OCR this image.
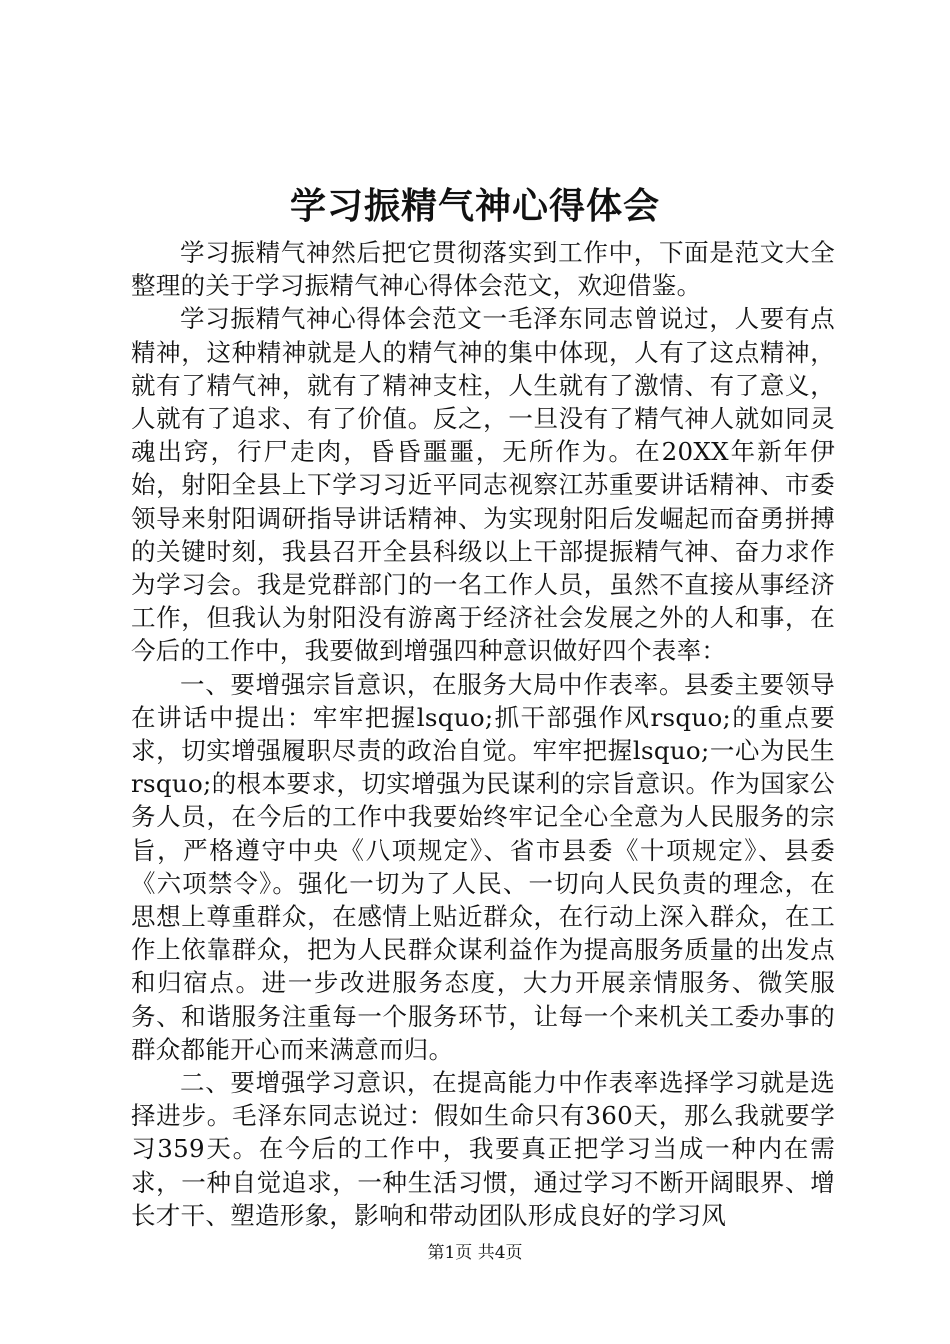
学习振精气神心得体会

学习振精气神然后把它贯彻落实到工作中，下面是范文大全整理的关于学习振精气神心得体会范文，欢迎借鉴。

学习振精气神心得体会范文一毛泽东同志曾说过，人要有点精神，这种精神就是人的精气神的集中体现，人有了这点精神，就有了精气神，就有了精神支柱，人生就有了激情、有了意义，人就有了追求、有了价值。反之，一旦没有了精气神人就如同灵魂出窍，行尸走肉，昏昏噩噩，无所作为。在20XX年新年伊始，射阳全县上下学习习近平同志视察江苏重要讲话精神、市委领导来射阳调研指导讲话精神、为实现射阳后发崛起而奋勇拼搏的关键时刻，我县召开全县科级以上干部提振精气神、奋力求作为学习会。我是党群部门的一名工作人员，虽然不直接从事经济工作，但我认为射阳没有游离于经济社会发展之外的人和事，在今后的工作中，我要做到增强四种意识做好四个表率：

一、要增强宗旨意识，在服务大局中作表率。县委主要领导在讲话中提出：牢牢把握lsquo;抓干部强作风rsquo;的重点要求，切实增强履职尽责的政治自觉。牢牢把握lsquo;一心为民生rsquo;的根本要求，切实增强为民谋利的宗旨意识。作为国家公务人员，在今后的工作中我要始终牢记全心全意为人民服务的宗旨，严格遵守中央《八项规定》、省市县委《十项规定》、县委《六项禁令》。强化一切为了人民、一切向人民负责的理念，在思想上尊重群众，在感情上贴近群众，在行动上深入群众，在工作上依靠群众，把为人民群众谋利益作为提高服务质量的出发点和归宿点。进一步改进服务态度，大力开展亲情服务、微笑服务、和谐服务注重每一个服务环节，让每一个来机关工委办事的群众都能开心而来满意而归。

二、要增强学习意识，在提高能力中作表率选择学习就是选择进步。毛泽东同志说过：假如生命只有360天，那么我就要学习359天。在今后的工作中，我要真正把学习当成一种内在需求，一种自觉追求，一种生活习惯，通过学习不断开阔眼界、增长才干、塑造形象，影响和带动团队形成良好的学习风

第1页 共4页
